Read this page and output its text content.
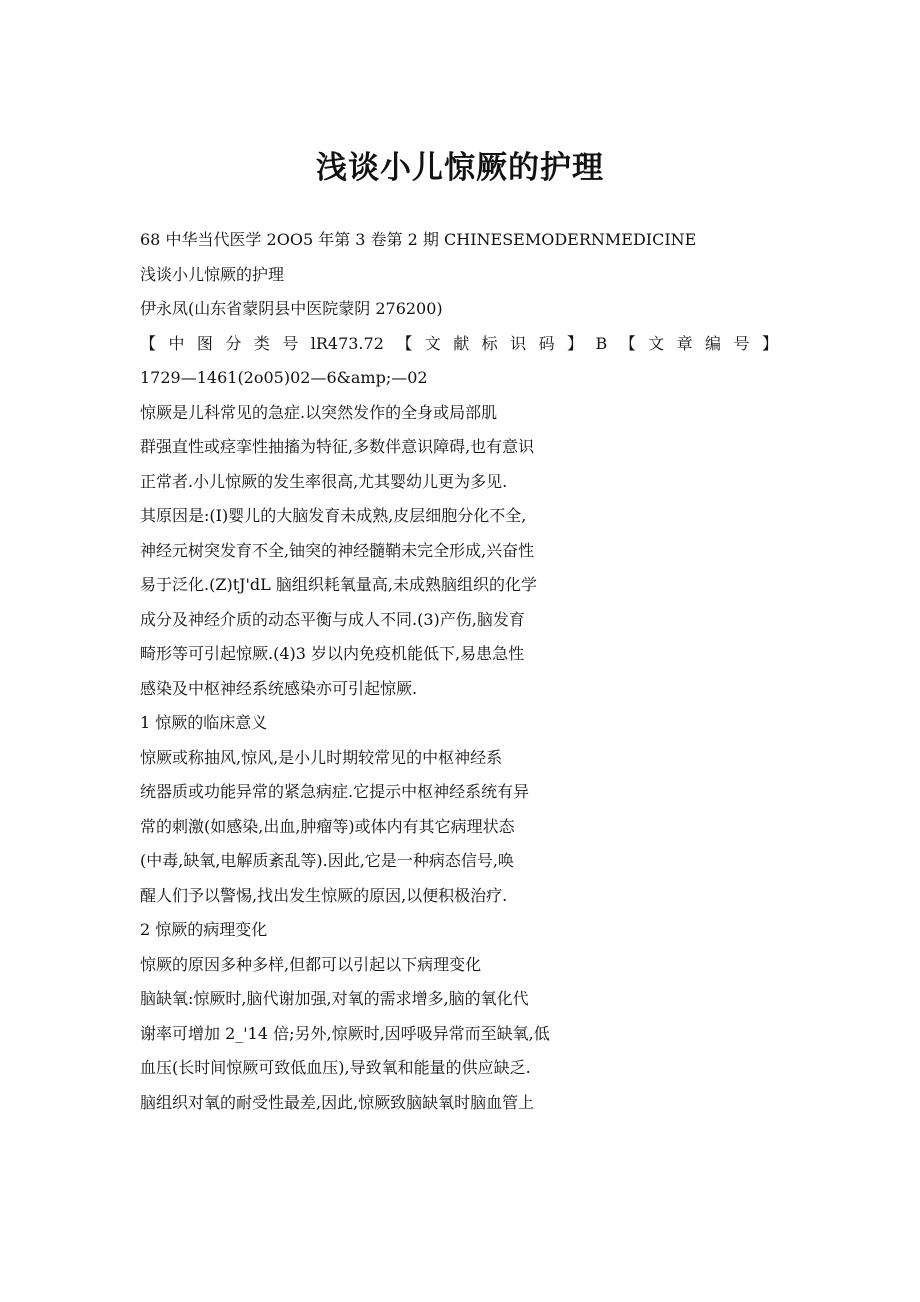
浅谈小儿惊厥的护理
68 中华当代医学 2OO5 年第 3 卷第 2 期 CHINESEMODERNMEDICINE
浅谈小儿惊厥的护理
伊永凤(山东省蒙阴县中医院蒙阴 276200)
【 中 图 分 类 号 lR473.72 【 文 献 标 识 码 】 B 【 文 章 编 号 】
1729—1461(2o05)02—6&amp;—02
惊厥是儿科常见的急症.以突然发作的全身或局部肌
群强直性或痉挛性抽搐为特征,多数伴意识障碍,也有意识
正常者.小儿惊厥的发生率很高,尤其婴幼儿更为多见.
其原因是:(I)婴儿的大脑发育未成熟,皮层细胞分化不全,
神经元树突发育不全,铀突的神经髓鞘未完全形成,兴奋性
易于泛化.(Z)tJ'dL 脑组织耗氧量高,未成熟脑组织的化学
成分及神经介质的动态平衡与成人不同.(3)产伤,脑发育
畸形等可引起惊厥.(4)3 岁以内免疫机能低下,易患急性
感染及中枢神经系统感染亦可引起惊厥.
1 惊厥的临床意义
惊厥或称抽风,惊风,是小儿时期较常见的中枢神经系
统器质或功能异常的紧急病症.它提示中枢神经系统有异
常的刺激(如感染,出血,肿瘤等)或体内有其它病理状态
(中毒,缺氧,电解质紊乱等).因此,它是一种病态信号,唤
醒人们予以警惕,找出发生惊厥的原因,以便积极治疗.
2 惊厥的病理变化
惊厥的原因多种多样,但都可以引起以下病理变化
脑缺氧:惊厥时,脑代谢加强,对氧的需求增多,脑的氧化代
谢率可增加 2_'14 倍;另外,惊厥时,因呼吸异常而至缺氧,低
血压(长时间惊厥可致低血压),导致氧和能量的供应缺乏.
脑组织对氧的耐受性最差,因此,惊厥致脑缺氧时脑血管上
